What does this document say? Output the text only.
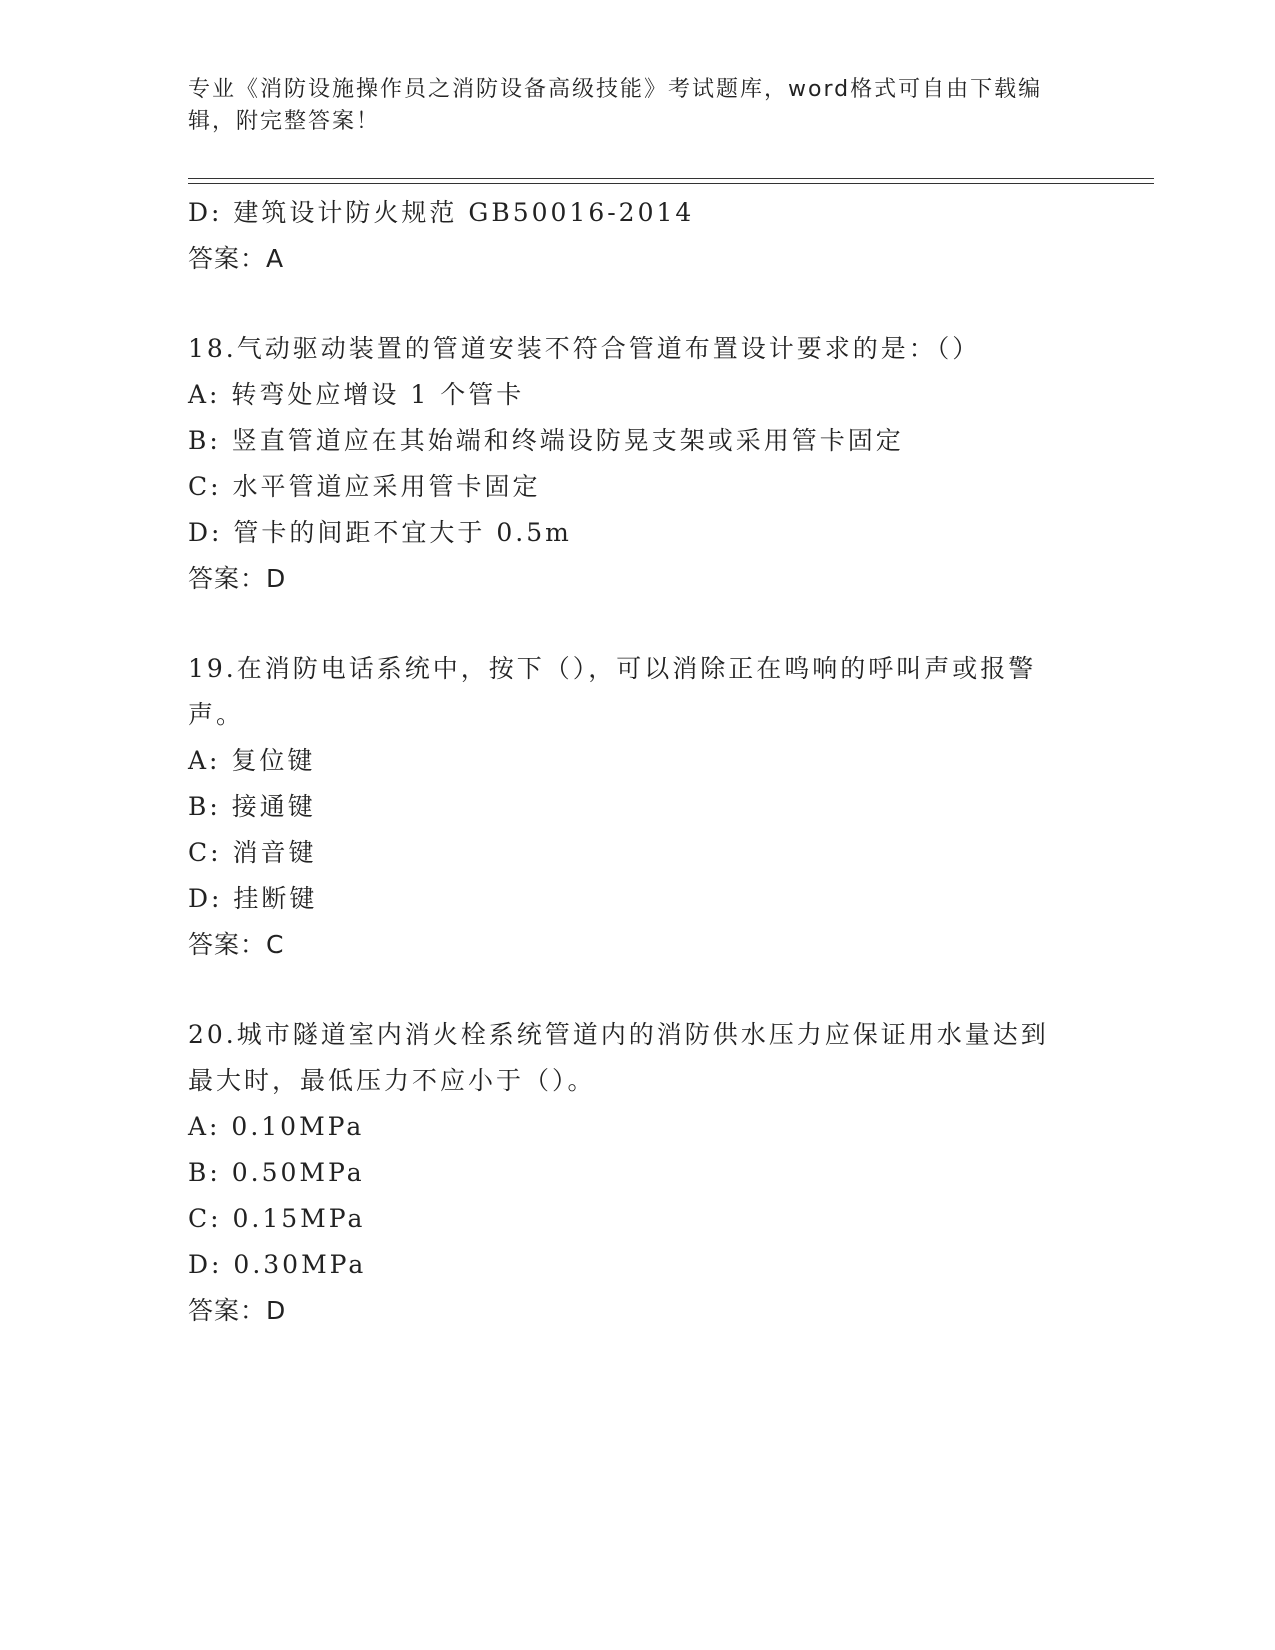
专业《消防设施操作员之消防设备高级技能》考试题库，word格式可自由下载编辑，附完整答案！
D: 建筑设计防火规范 GB50016-2014
答案：A
18.气动驱动装置的管道安装不符合管道布置设计要求的是：（）
A: 转弯处应增设 1 个管卡
B: 竖直管道应在其始端和终端设防晃支架或采用管卡固定
C: 水平管道应采用管卡固定
D: 管卡的间距不宜大于 0.5m
答案：D
19.在消防电话系统中，按下（），可以消除正在鸣响的呼叫声或报警声。
A: 复位键
B: 接通键
C: 消音键
D: 挂断键
答案：C
20.城市隧道室内消火栓系统管道内的消防供水压力应保证用水量达到最大时，最低压力不应小于（）。
A: 0.10MPa
B: 0.50MPa
C: 0.15MPa
D: 0.30MPa
答案：D
